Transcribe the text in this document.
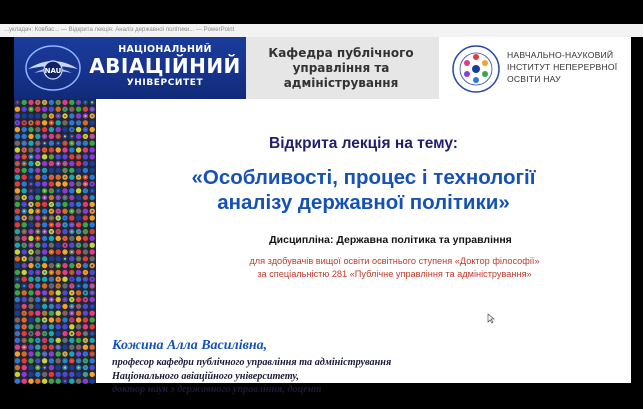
...укладач: Ковбас... — Відкрита лекція: Аналіз державної політики... — PowerPoint
NAU
НАЦІОНАЛЬНИЙ
АВІАЦІЙНИЙ
УНІВЕРСИТЕТ
Кафедра публічного
управління та
адміністрування
НАВЧАЛЬНО-НАУКОВИЙ
ІНСТИТУТ НЕПЕРЕРВНОЇ
ОСВІТИ НАУ
Відкрита лекція на тему:
«Особливості, процес і технології
аналізу державної політики»
Дисципліна: Державна політика та управління
для здобувачів вищої освіти освітнього ступеня «Доктор філософії»
за спеціальністю 281 «Публічне управління та адміністрування»
Кожина Алла Василівна,
професор кафедри публічного управління та адміністрування
Національного авіаційного університету,
доктор наук з державного управління, доцент
